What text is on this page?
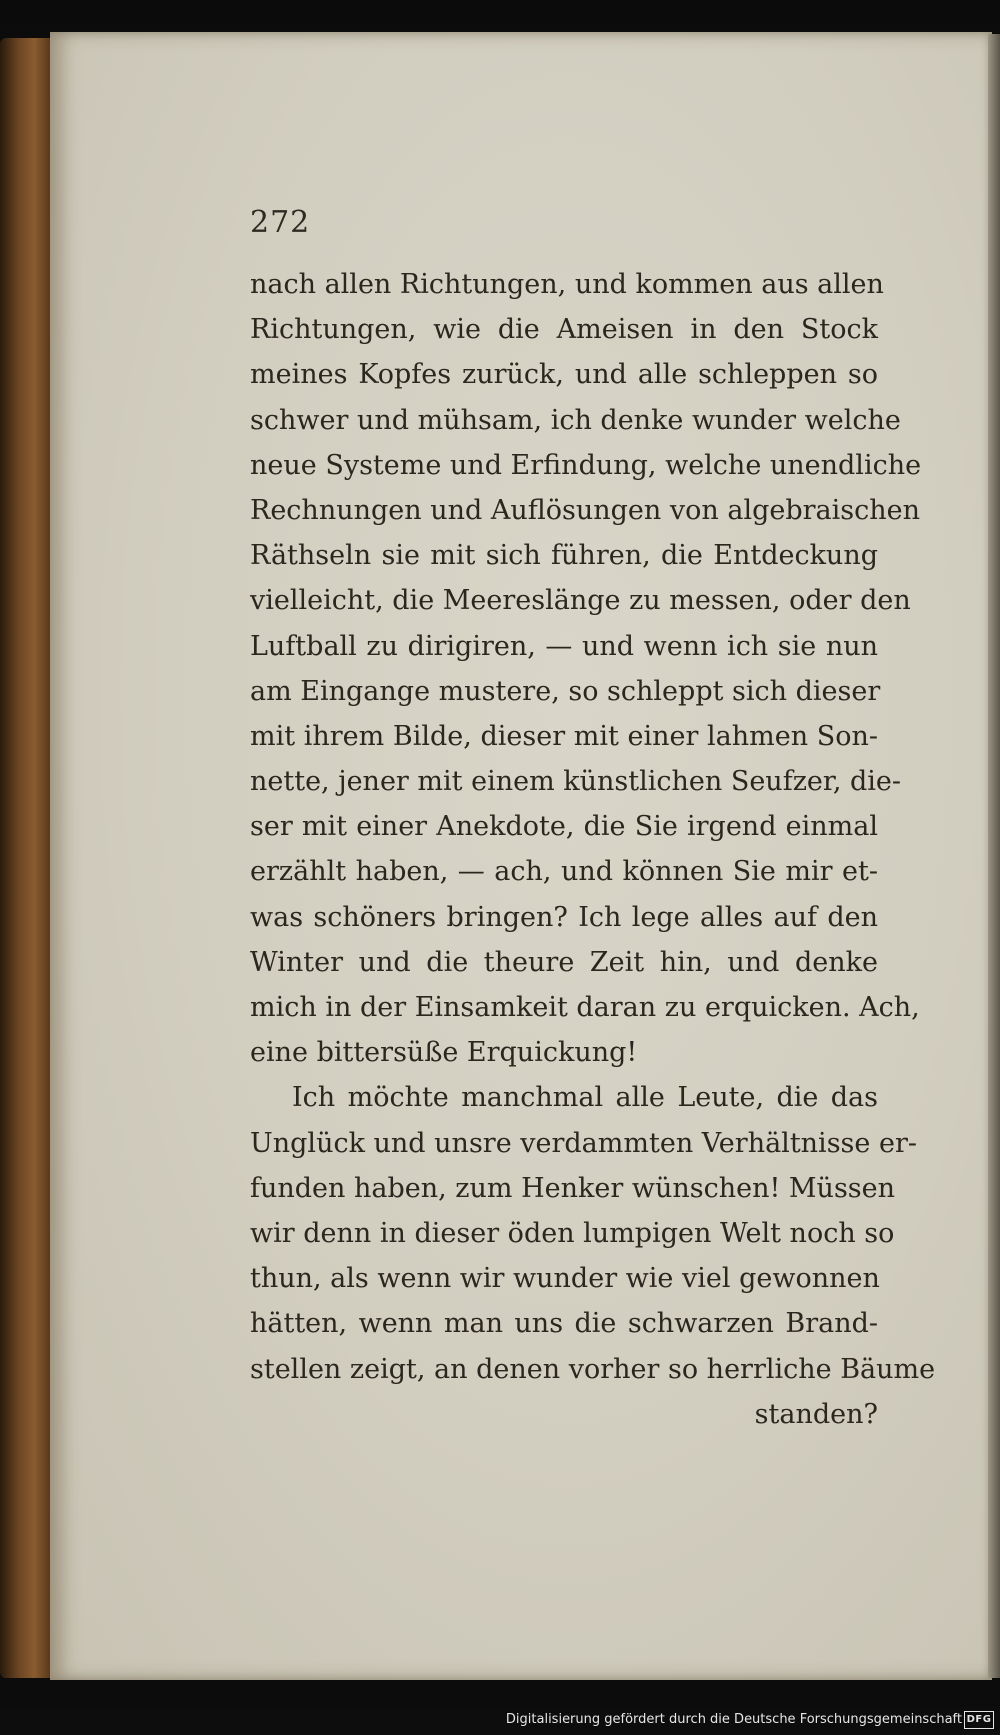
272
nach allen Richtungen, und kommen aus allen
Richtungen, wie die Ameisen in den Stock
meines Kopfes zurück, und alle schleppen so
schwer und mühsam, ich denke wunder welche
neue Systeme und Erfindung, welche unendliche
Rechnungen und Auflösungen von algebraischen
Räthseln sie mit sich führen, die Entdeckung
vielleicht, die Meereslänge zu messen, oder den
Luftball zu dirigiren, — und wenn ich sie nun
am Eingange mustere, so schleppt sich dieser
mit ihrem Bilde, dieser mit einer lahmen Son-
nette, jener mit einem künstlichen Seufzer, die-
ser mit einer Anekdote, die Sie irgend einmal
erzählt haben, — ach, und können Sie mir et-
was schöners bringen? Ich lege alles auf den
Winter und die theure Zeit hin, und denke
mich in der Einsamkeit daran zu erquicken. Ach,
eine bittersüße Erquickung!
Ich möchte manchmal alle Leute, die das
Unglück und unsre verdammten Verhältnisse er-
funden haben, zum Henker wünschen! Müssen
wir denn in dieser öden lumpigen Welt noch so
thun, als wenn wir wunder wie viel gewonnen
hätten, wenn man uns die schwarzen Brand-
stellen zeigt, an denen vorher so herrliche Bäume
standen?
Digitalisierung gefördert durch die Deutsche Forschungsgemeinschaft DFG
